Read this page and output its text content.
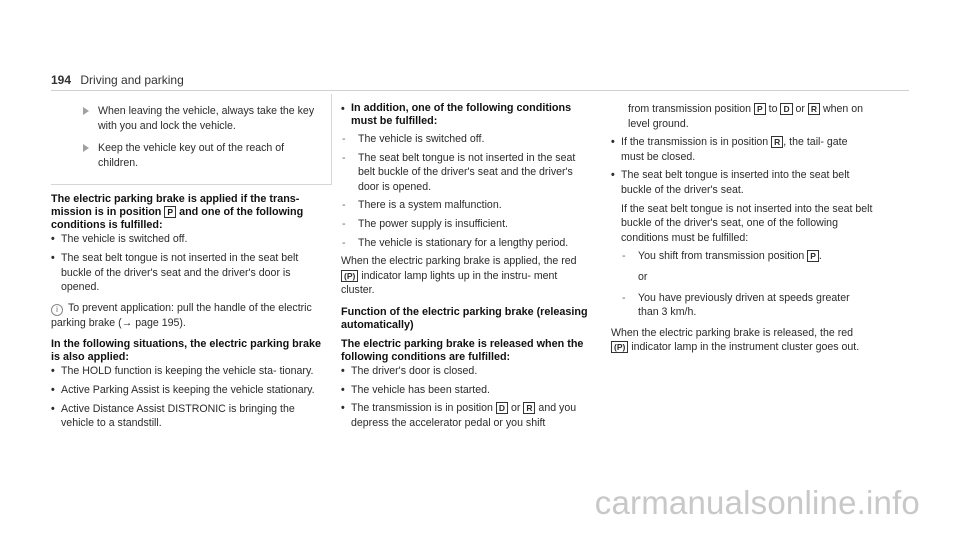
194 Driving and parking
When leaving the vehicle, always take the key with you and lock the vehicle.
Keep the vehicle key out of the reach of children.
The electric parking brake is applied if the trans- mission is in position P and one of the following conditions is fulfilled:
• The vehicle is switched off.
• The seat belt tongue is not inserted in the seat belt buckle of the driver's seat and the driver's door is opened.
i To prevent application: pull the handle of the electric parking brake (→ page 195).
In the following situations, the electric parking brake is also applied:
• The HOLD function is keeping the vehicle sta- tionary.
• Active Parking Assist is keeping the vehicle stationary.
• Active Distance Assist DISTRONIC is bringing the vehicle to a standstill.
• In addition, one of the following conditions must be fulfilled:
- The vehicle is switched off.
- The seat belt tongue is not inserted in the seat belt buckle of the driver's seat and the driver's door is opened.
- There is a system malfunction.
- The power supply is insufficient.
- The vehicle is stationary for a lengthy period.
When the electric parking brake is applied, the red (P) indicator lamp lights up in the instru- ment cluster.
Function of the electric parking brake (releasing automatically)
The electric parking brake is released when the following conditions are fulfilled:
• The driver's door is closed.
• The vehicle has been started.
• The transmission is in position D or R and you depress the accelerator pedal or you shift
from transmission position P to D or R when on level ground.
• If the transmission is in position R , the tail- gate must be closed.
• The seat belt tongue is inserted into the seat belt buckle of the driver's seat.
If the seat belt tongue is not inserted into the seat belt buckle of the driver's seat, one of the following conditions must be fulfilled:
- You shift from transmission position P .
or
- You have previously driven at speeds greater than 3 km/h.
When the electric parking brake is released, the red (P) indicator lamp in the instrument cluster goes out.
carmanualsonline.info
